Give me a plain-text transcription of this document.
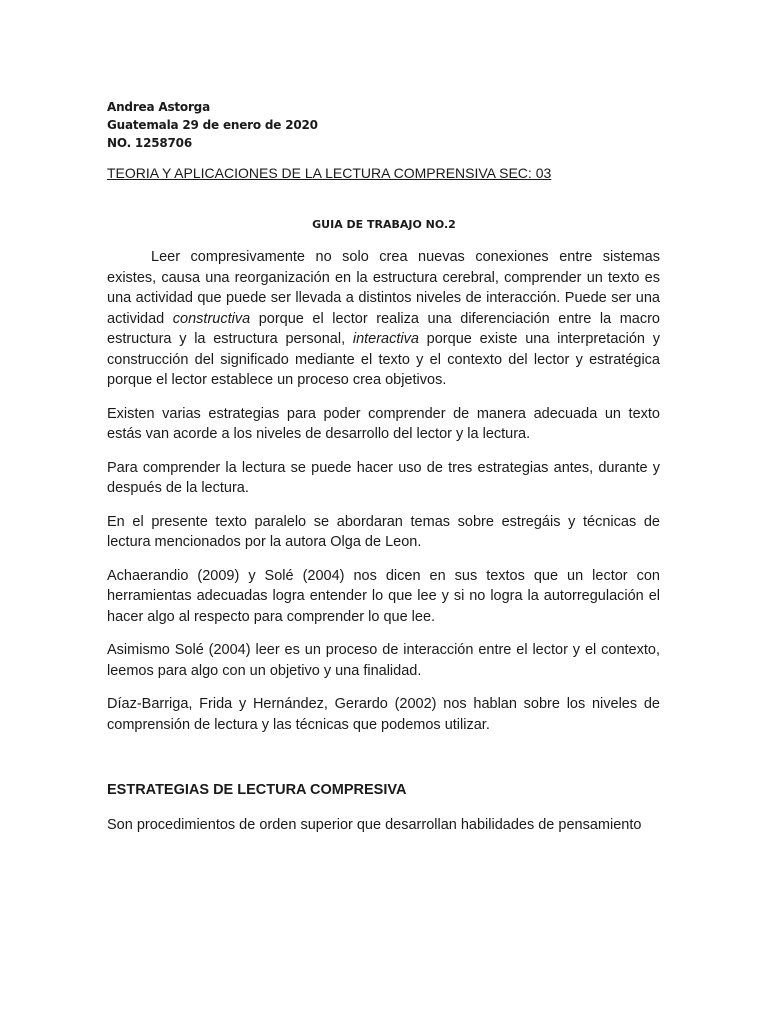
Andrea Astorga
Guatemala 29 de enero de 2020
NO. 1258706
TEORIA Y APLICACIONES DE LA LECTURA COMPRENSIVA SEC: 03
GUIA DE TRABAJO NO.2

Leer compresivamente no solo crea nuevas conexiones entre sistemas existes, causa una reorganización en la estructura cerebral, comprender un texto es una actividad que puede ser llevada a distintos niveles de interacción. Puede ser una actividad constructiva porque el lector realiza una diferenciación entre la macro estructura y la estructura personal, interactiva porque existe una interpretación y construcción del significado mediante el texto y el contexto del lector y estratégica porque el lector establece un proceso crea objetivos.

Existen varias estrategias para poder comprender de manera adecuada un texto estás van acorde a los niveles de desarrollo del lector y la lectura.

Para comprender la lectura se puede hacer uso de tres estrategias antes, durante y después de la lectura.

En el presente texto paralelo se abordaran temas sobre estregáis y técnicas de lectura mencionados por la autora Olga de Leon.

Achaerandio (2009) y Solé (2004) nos dicen en sus textos que un lector con herramientas adecuadas logra entender lo que lee y si no logra la autorregulación el hacer algo al respecto para comprender lo que lee.

Asimismo Solé (2004) leer es un proceso de interacción entre el lector y el contexto, leemos para algo con un objetivo y una finalidad.

Díaz-Barriga, Frida y Hernández, Gerardo (2002) nos hablan sobre los niveles de comprensión de lectura y las técnicas que podemos utilizar.

ESTRATEGIAS DE LECTURA COMPRESIVA

Son procedimientos de orden superior que desarrollan habilidades de pensamiento
